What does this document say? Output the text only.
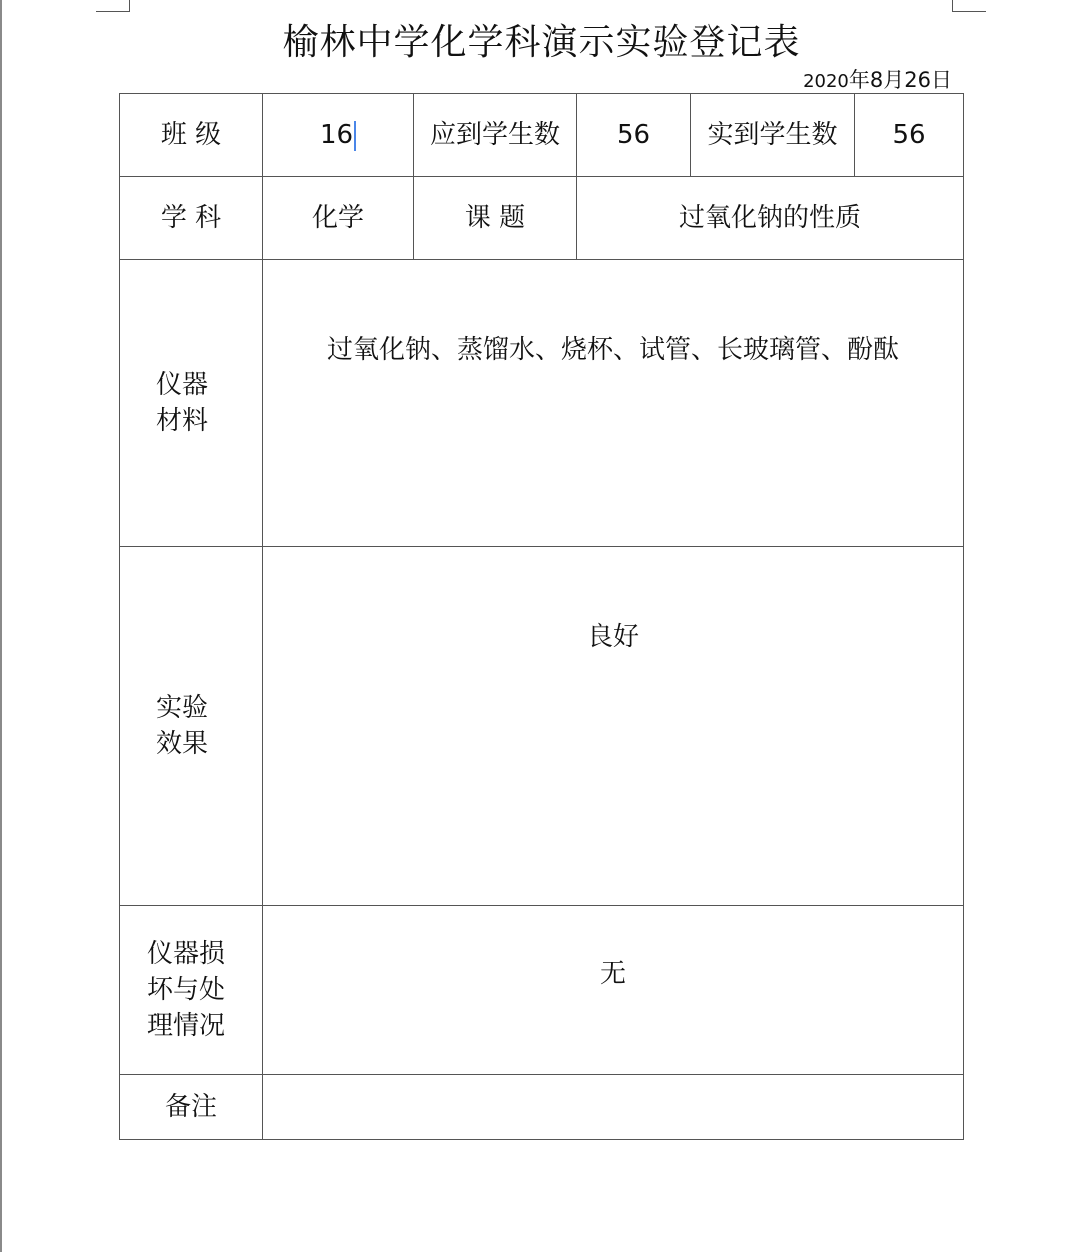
榆林中学化学科演示实验登记表
2020年8月26日
班 级	16	应到学生数	56	实到学生数	56
学 科	化学	课 题	过氧化钠的性质		
仪器材料	过氧化钠、蒸馏水、烧杯、试管、长玻璃管、酚酞				

实验效果	良好				

仪器损坏与处理情况	无				

备注					
